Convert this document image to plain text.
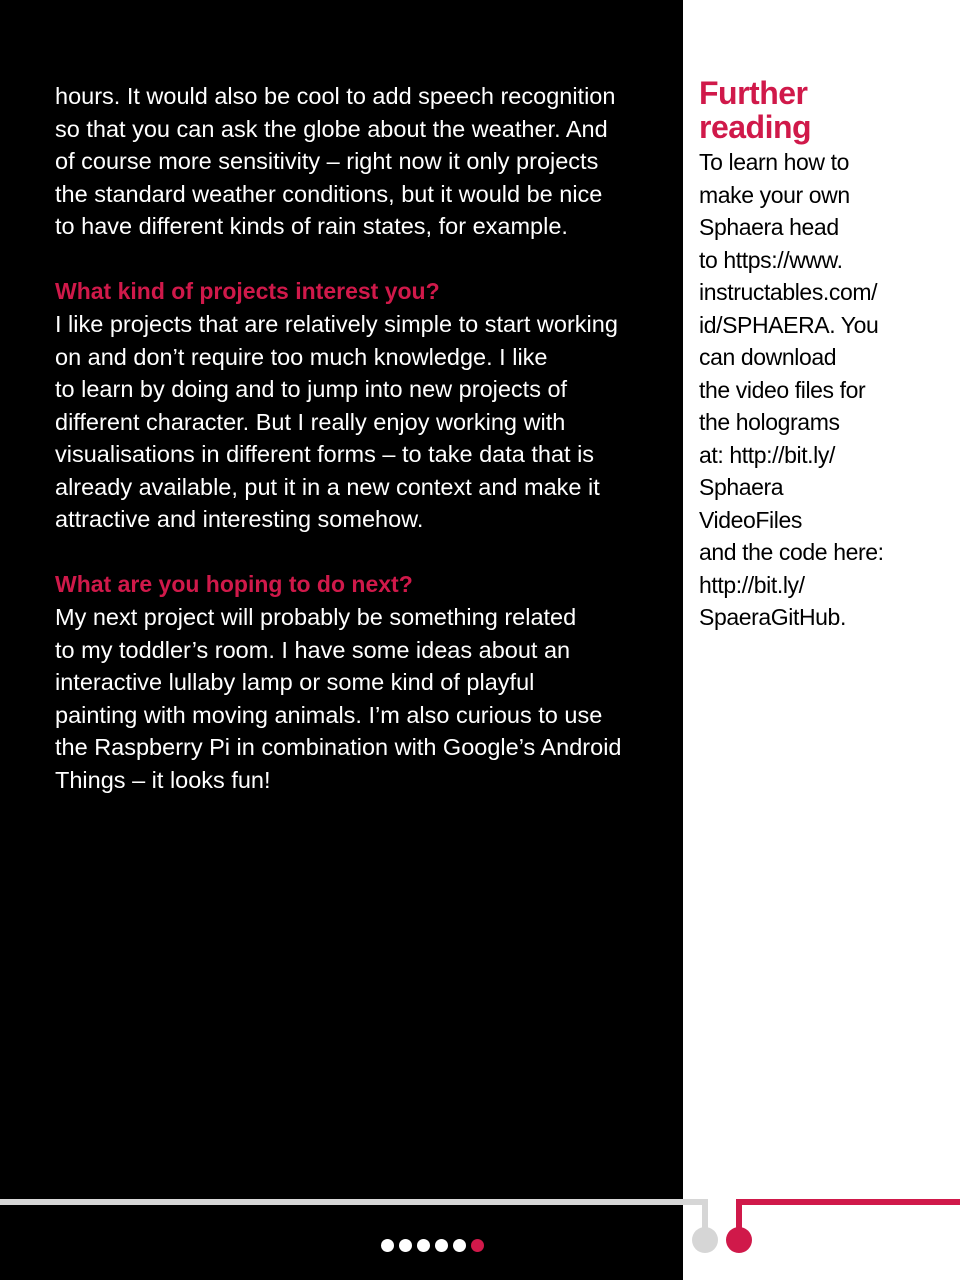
hours. It would also be cool to add speech recognition
so that you can ask the globe about the weather. And
of course more sensitivity – right now it only projects
the standard weather conditions, but it would be nice
to have different kinds of rain states, for example.

What kind of projects interest you?

I like projects that are relatively simple to start working
on and don’t require too much knowledge. I like
to learn by doing and to jump into new projects of
different character. But I really enjoy working with
visualisations in different forms – to take data that is
already available, put it in a new context and make it
attractive and interesting somehow.

What are you hoping to do next?

My next project will probably be something related
to my toddler’s room. I have some ideas about an
interactive lullaby lamp or some kind of playful
painting with moving animals. I’m also curious to use
the Raspberry Pi in combination with Google’s Android
Things – it looks fun!

Further
reading

To learn how to
make your own
Sphaera head
to https://www.
instructables.com/
id/SPHAERA. You
can download
the video files for
the holograms
at: http://bit.ly/
Sphaera
VideoFiles
and the code here:
http://bit.ly/
SpaeraGitHub.
